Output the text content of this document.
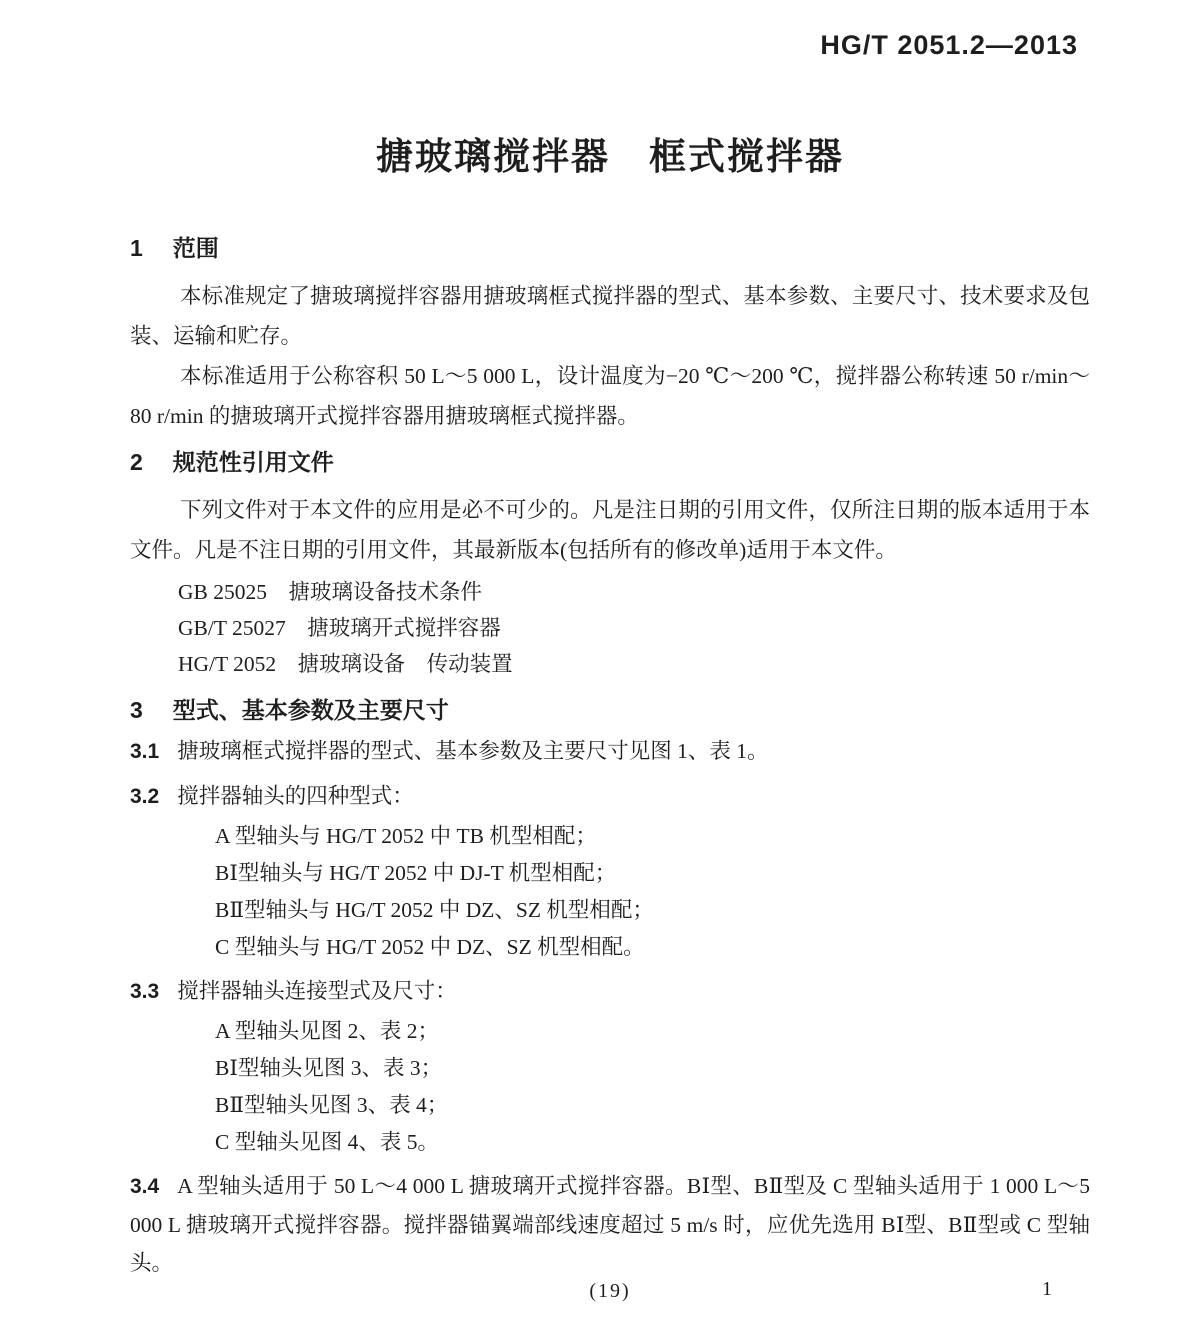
HG/T 2051.2—2013
搪玻璃搅拌器　框式搅拌器
1 范围

本标准规定了搪玻璃搅拌容器用搪玻璃框式搅拌器的型式、基本参数、主要尺寸、技术要求及包装、运输和贮存。

本标准适用于公称容积 50 L～5 000 L，设计温度为−20 ℃～200 ℃，搅拌器公称转速 50 r/min～80 r/min 的搪玻璃开式搅拌容器用搪玻璃框式搅拌器。

2 规范性引用文件

下列文件对于本文件的应用是必不可少的。凡是注日期的引用文件，仅所注日期的版本适用于本文件。凡是不注日期的引用文件，其最新版本(包括所有的修改单)适用于本文件。

GB 25025　搪玻璃设备技术条件

GB/T 25027　搪玻璃开式搅拌容器

HG/T 2052　搪玻璃设备　传动装置

3 型式、基本参数及主要尺寸

3.1 搪玻璃框式搅拌器的型式、基本参数及主要尺寸见图 1、表 1。

3.2 搅拌器轴头的四种型式：

A 型轴头与 HG/T 2052 中 TB 机型相配；

BⅠ型轴头与 HG/T 2052 中 DJ-T 机型相配；

BⅡ型轴头与 HG/T 2052 中 DZ、SZ 机型相配；

C 型轴头与 HG/T 2052 中 DZ、SZ 机型相配。

3.3 搅拌器轴头连接型式及尺寸：

A 型轴头见图 2、表 2；

BⅠ型轴头见图 3、表 3；

BⅡ型轴头见图 3、表 4；

C 型轴头见图 4、表 5。

3.4 A 型轴头适用于 50 L～4 000 L 搪玻璃开式搅拌容器。BⅠ型、BⅡ型及 C 型轴头适用于 1 000 L～5 000 L 搪玻璃开式搅拌容器。搅拌器锚翼端部线速度超过 5 m/s 时，应优先选用 BⅠ型、BⅡ型或 C 型轴头。

(19)	1
